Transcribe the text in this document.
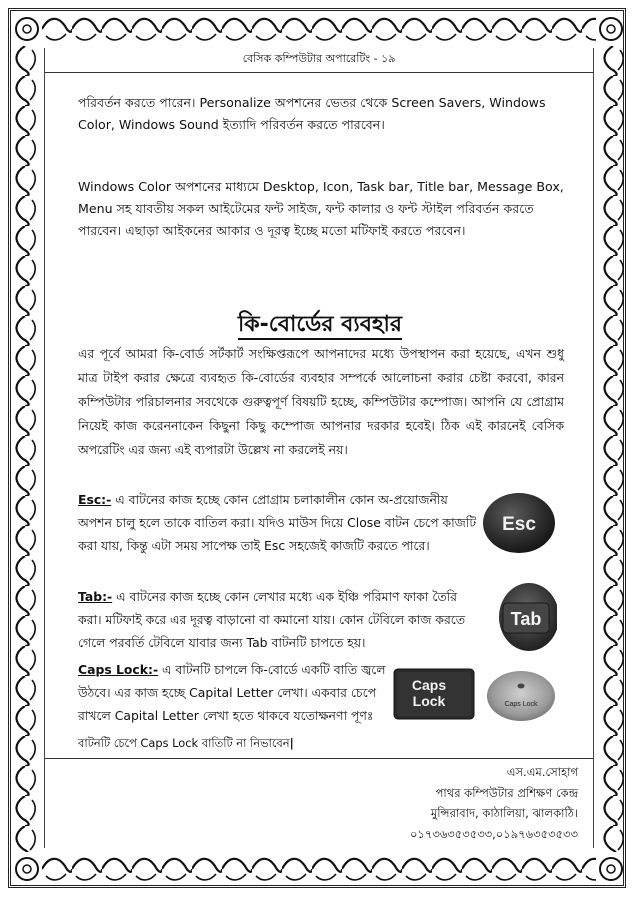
বেসিক কম্পিউটার অপারেটিং - ১৯
পরিবর্তন করতে পারেন। Personalize অপশনের ভেতর থেকে Screen Savers, Windows Color, Windows Sound ইত্যাদি পরিবর্তন করতে পারবেন।
Windows Color অপশনের মাধ্যমে Desktop, Icon, Task bar, Title bar, Message Box, Menu সহ যাবতীয় সকল আইটেমের ফন্ট সাইজ, ফন্ট কালার ও ফন্ট স্টাইল পরিবর্তন করতে পারবেন। এছাড়া আইকনের আকার ও দূরত্ব ইচ্ছে মতো মটিফাই করতে পরবেন।
কি-বোর্ডের ব্যবহার
এর পূর্বে আমরা কি-বোর্ড সর্টকার্ট সংক্ষিপ্তরূপে আপনাদের মধ্যে উপস্থাপন করা হয়েছে, এখন শুধু মাত্র টাইপ করার ক্ষেত্রে ব্যবহৃত কি-বোর্ডের ব্যবহার সম্পর্কে আলোচনা করার চেষ্টা করবো, কারন কম্পিউটার পরিচালনার সবথেকে গুরুত্বপূর্ণ বিষয়টি হচ্ছে, কম্পিউটার কম্পোজ। আপনি যে প্রোগ্রাম নিয়েই কাজ করেননাকেন কিছুনা কিছু কম্পোজ আপনার দরকার হবেই। ঠিক এই কারনেই বেসিক অপরেটিং এর জন্য এই ব্যপারটা উল্লেখ না করলেই নয়।
Esc:- এ বাটনের কাজ হচ্ছে কোন প্রোগ্রাম চলাকালীন কোন অ-প্রয়োজনীয় অপশন চালু হলে তাকে বাতিল করা। যদিও মাউস দিয়ে Close বাটন চেপে কাজটি করা যায়, কিন্তু এটা সময় সাপেক্ষ তাই Esc সহজেই কাজটি করতে পারে।
Tab:- এ বাটনের কাজ হচ্ছে কোন লেখার মধ্যে এক ইঞ্চি পরিমাণ ফাকা তৈরি করা। মটিফাই করে এর দূরত্ব বাড়ানো বা কমানো যায়। কোন টেবিলে কাজ করতে গেলে পরবর্তি টেবিলে যাবার জন্য Tab বাটনটি চাপতে হয়।
Caps Lock:- এ বাটনটি চাপলে কি-বোর্ডে একটি বাতি জ্বলে উঠবে। এর কাজ হচ্ছে Capital Letter লেখা। একবার চেপে রাখলে Capital Letter লেখা হতে থাকবে যতোক্ষনণা পূণঃ
বাটনটি চেপে Caps Lock বাতিটি না নিভাবেন|
Esc
Tab
Caps
Lock	Caps Lock
এস.এম.সোহাগ
পাথর কম্পিউটার প্রশিক্ষণ কেন্দ্র
মুন্সিরাবাদ, কাঠালিয়া, ঝালকাঠি।
০১৭৩৬৩৫৩৫৩৩,০১৯৭৬৩৫৩৫৩৩
